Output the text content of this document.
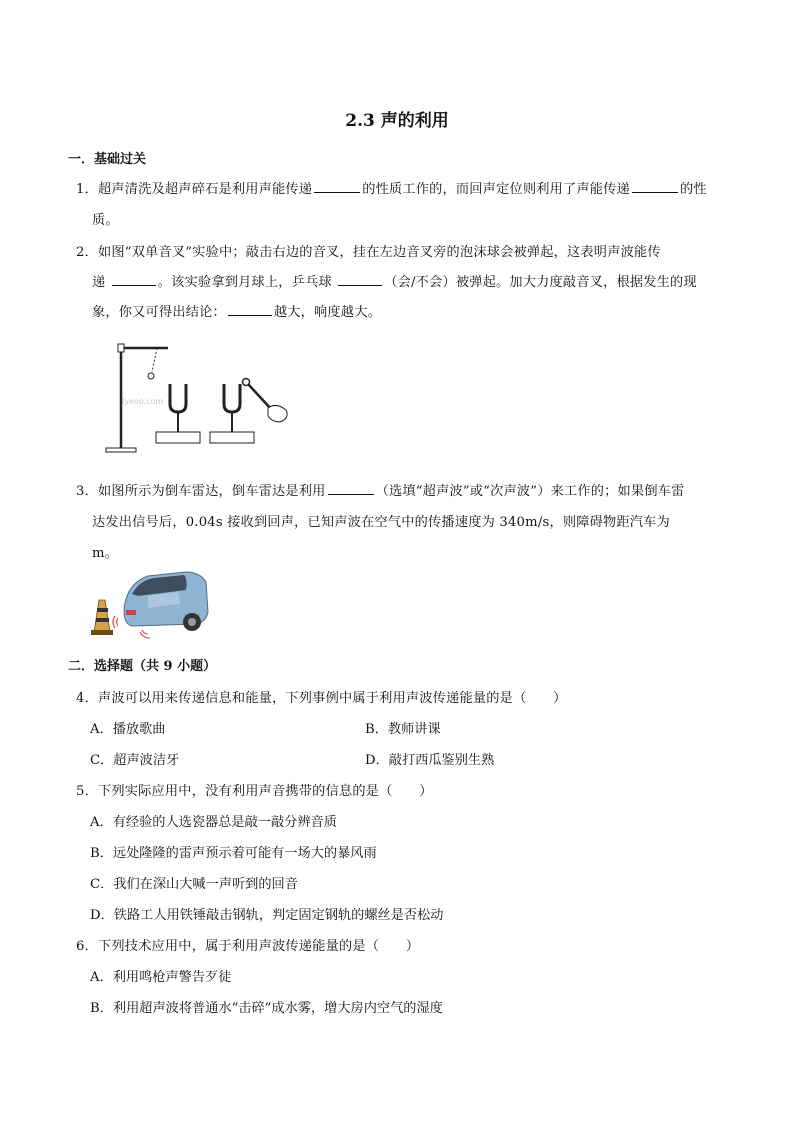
2.3 声的利用
一．基础过关
1．超声清洗及超声碎石是利用声能传递	的性质工作的，而回声定位则利用了声能传递	的性
质。
2．如图“双单音叉”实验中；敲击右边的音叉，挂在左边音叉旁的泡沫球会被弹起，这表明声波能传
递	。该实验拿到月球上，乒乓球	（会/不会）被弹起。加大力度敲音叉，根据发生的现
象，你又可得出结论：	越大，响度越大。
Jyeoo.com
3．如图所示为倒车雷达，倒车雷达是利用	（选填“超声波”或“次声波”）来工作的；如果倒车雷
达发出信号后，0.04s 接收到回声，已知声波在空气中的传播速度为 340m/s，则障碍物距汽车为
m。
二．选择题（共 9 小题）
4．声波可以用来传递信息和能量，下列事例中属于利用声波传递能量的是（　　）
A．播放歌曲	B．教师讲课
C．超声波洁牙	D．敲打西瓜鉴别生熟
5．下列实际应用中，没有利用声音携带的信息的是（　　）
A．有经验的人选瓷器总是敲一敲分辨音质
B．远处隆隆的雷声预示着可能有一场大的暴风雨
C．我们在深山大喊一声听到的回音
D．铁路工人用铁锤敲击钢轨，判定固定钢轨的螺丝是否松动
6．下列技术应用中，属于利用声波传递能量的是（　　）
A．利用鸣枪声警告歹徒
B．利用超声波将普通水“击碎”成水雾，增大房内空气的湿度
